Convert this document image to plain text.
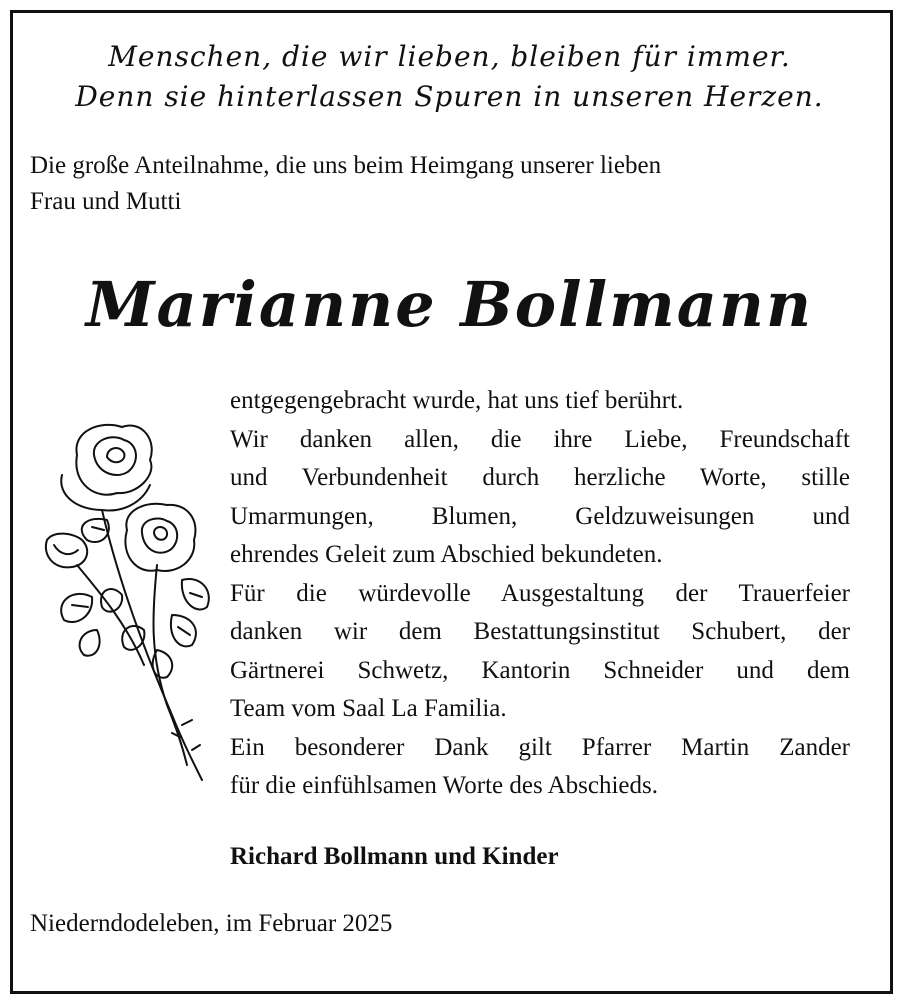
Menschen, die wir lieben, bleiben für immer.
Denn sie hinterlassen Spuren in unseren Herzen.
Die große Anteilnahme, die uns beim Heimgang unserer lieben
Frau und Mutti
Marianne Bollmann
entgegengebracht wurde, hat uns tief berührt.
Wir danken allen, die ihre Liebe, Freundschaft
und Verbundenheit durch herzliche Worte, stille
Umarmungen, Blumen, Geldzuweisungen und
ehrendes Geleit zum Abschied bekundeten.
Für die würdevolle Ausgestaltung der Trauerfeier
danken wir dem Bestattungsinstitut Schubert, der
Gärtnerei Schwetz, Kantorin Schneider und dem
Team vom Saal La Familia.
Ein besonderer Dank gilt Pfarrer Martin Zander
für die einfühlsamen Worte des Abschieds.
Richard Bollmann und Kinder
Niederndodeleben, im Februar 2025
